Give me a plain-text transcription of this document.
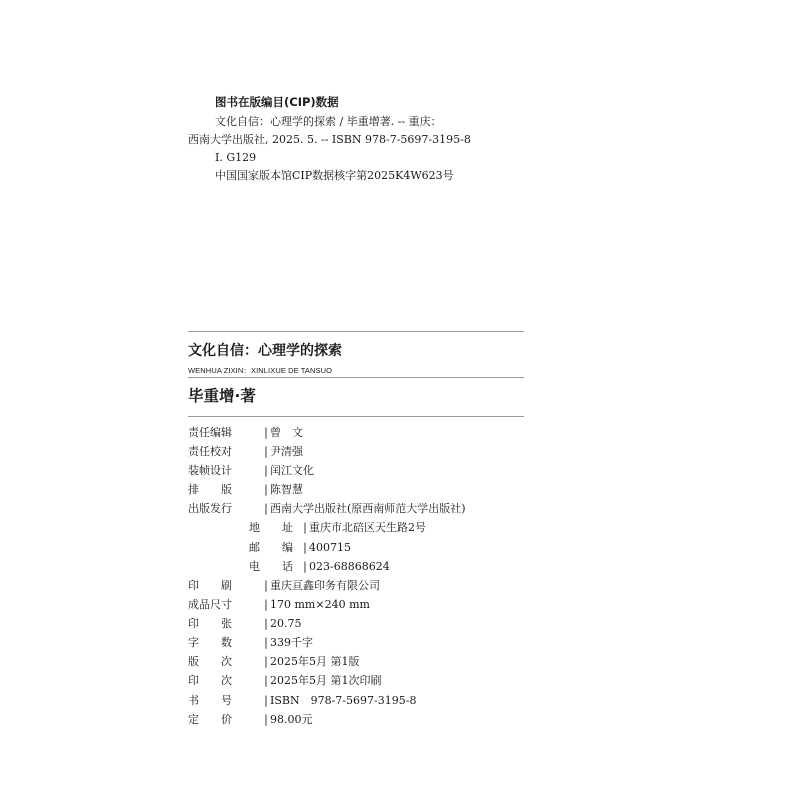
图书在版编目(CIP)数据
文化自信：心理学的探索 / 毕重增著. -- 重庆：
西南大学出版社, 2025. 5. -- ISBN 978-7-5697-3195-8
Ⅰ. G129
中国国家版本馆CIP数据核字第2025K4W623号
文化自信：心理学的探索
WENHUA ZIXIN：XINLIXUE DE TANSUO
毕重增·著
责任编辑	| 曾　文
责任校对	| 尹清强
装帧设计	| 闰江文化
排　　版	| 陈智慧
出版发行	| 西南大学出版社(原西南师范大学出版社)
地　　址 | 重庆市北碚区天生路2号
邮　　编 | 400715
电　　话 | 023-68868624
印　　刷	| 重庆亘鑫印务有限公司
成品尺寸	| 170 mm×240 mm
印　　张	| 20.75
字　　数	| 339千字
版　　次	| 2025年5月 第1版
印　　次	| 2025年5月 第1次印刷
书　　号	| ISBN　978-7-5697-3195-8
定　　价	| 98.00元
